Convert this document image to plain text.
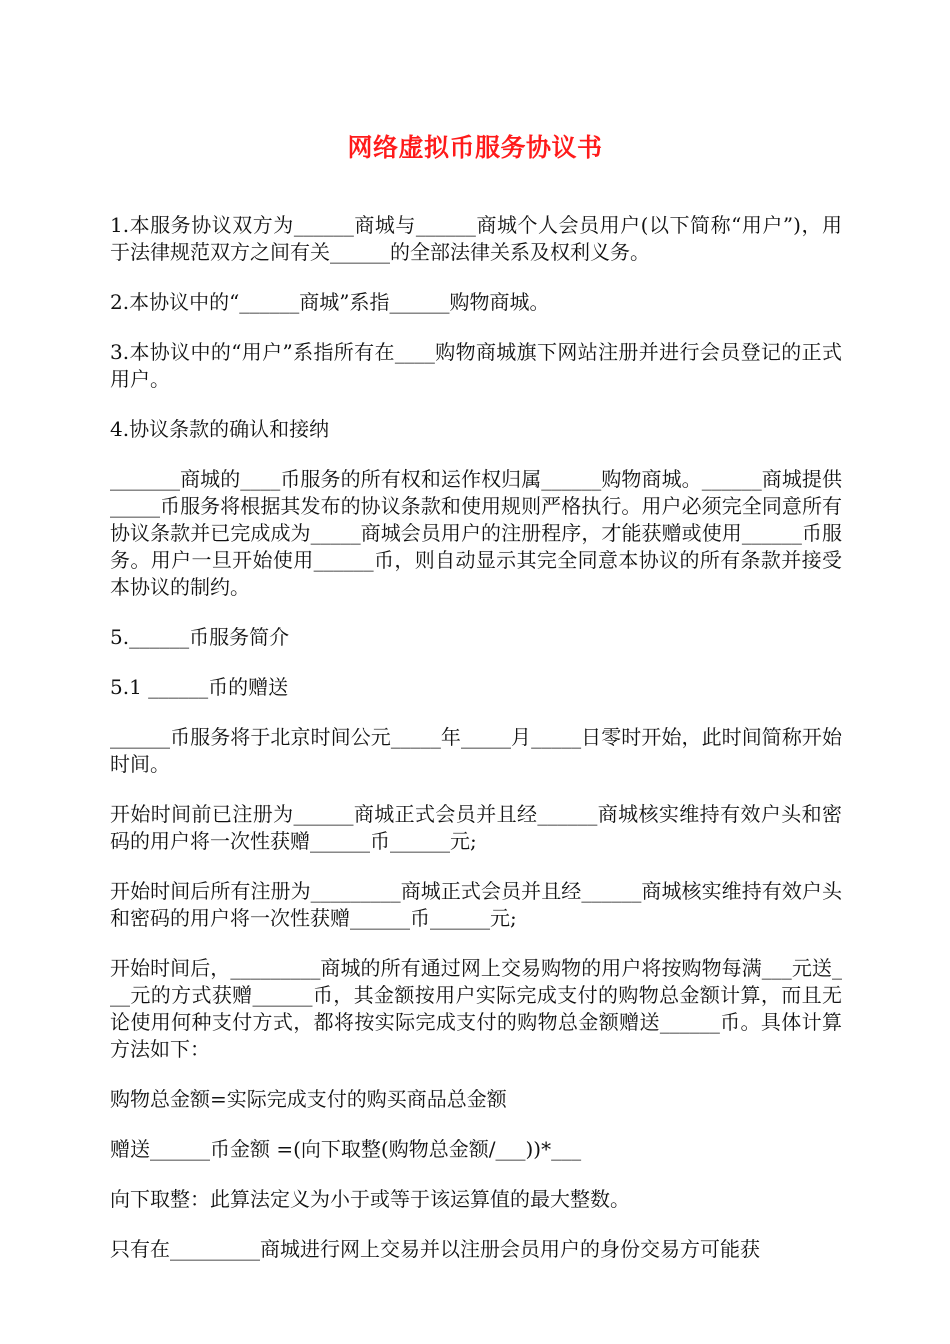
网络虚拟币服务协议书

1.本服务协议双方为______商城与______商城个人会员用户(以下简称“用户”)，用于法律规范双方之间有关______的全部法律关系及权利义务。

2.本协议中的“______商城”系指______购物商城。

3.本协议中的“用户”系指所有在____购物商城旗下网站注册并进行会员登记的正式用户。

4.协议条款的确认和接纳

_______商城的____币服务的所有权和运作权归属______购物商城。______商城提供_____币服务将根据其发布的协议条款和使用规则严格执行。用户必须完全同意所有协议条款并已完成成为_____商城会员用户的注册程序，才能获赠或使用______币服务。用户一旦开始使用______币，则自动显示其完全同意本协议的所有条款并接受本协议的制约。

5.______币服务简介

5.1 ______币的赠送

______币服务将于北京时间公元_____年_____月_____日零时开始，此时间简称开始时间。

开始时间前已注册为______商城正式会员并且经______商城核实维持有效户头和密码的用户将一次性获赠______币______元;

开始时间后所有注册为_________商城正式会员并且经______商城核实维持有效户头和密码的用户将一次性获赠______币______元;

开始时间后，_________商城的所有通过网上交易购物的用户将按购物每满___元送___元的方式获赠______币，其金额按用户实际完成支付的购物总金额计算，而且无论使用何种支付方式，都将按实际完成支付的购物总金额赠送______币。具体计算方法如下：

购物总金额=实际完成支付的购买商品总金额

赠送______币金额 =(向下取整(购物总金额/___))*___

向下取整：此算法定义为小于或等于该运算值的最大整数。

只有在_________商城进行网上交易并以注册会员用户的身份交易方可能获
